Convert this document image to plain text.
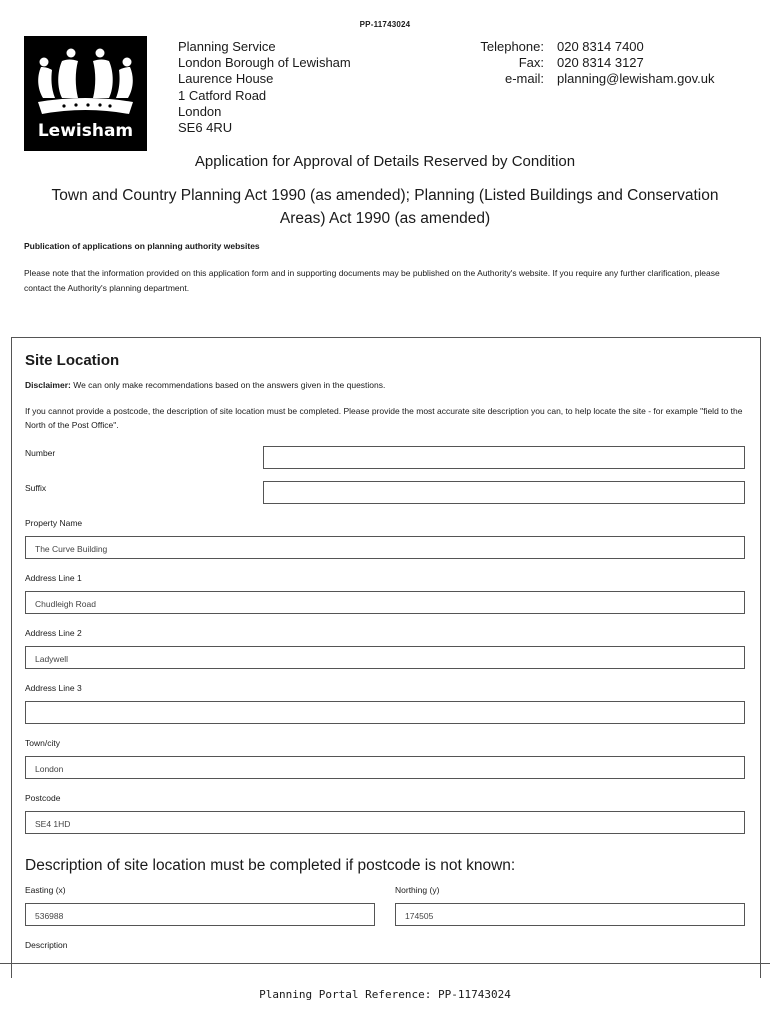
PP-11743024
Lewisham
Planning Service
London Borough of Lewisham
Laurence House
1 Catford Road
London
SE6 4RU
Telephone:
Fax:
e-mail:
020 8314 7400
020 8314 3127
planning@lewisham.gov.uk
Application for Approval of Details Reserved by Condition
Town and Country Planning Act 1990 (as amended); Planning (Listed Buildings and Conservation Areas) Act 1990 (as amended)
Publication of applications on planning authority websites
Please note that the information provided on this application form and in supporting documents may be published on the Authority's website. If you require any further clarification, please contact the Authority's planning department.
Site Location
Disclaimer: We can only make recommendations based on the answers given in the questions.
If you cannot provide a postcode, the description of site location must be completed. Please provide the most accurate site description you can, to help locate the site - for example "field to the North of the Post Office".
Number
Suffix
Property Name
The Curve Building
Address Line 1
Chudleigh Road
Address Line 2
Ladywell
Address Line 3
Town/city
London
Postcode
SE4 1HD
Description of site location must be completed if postcode is not known:
Easting (x)
536988
Northing (y)
174505
Description
Planning Portal Reference: PP-11743024
